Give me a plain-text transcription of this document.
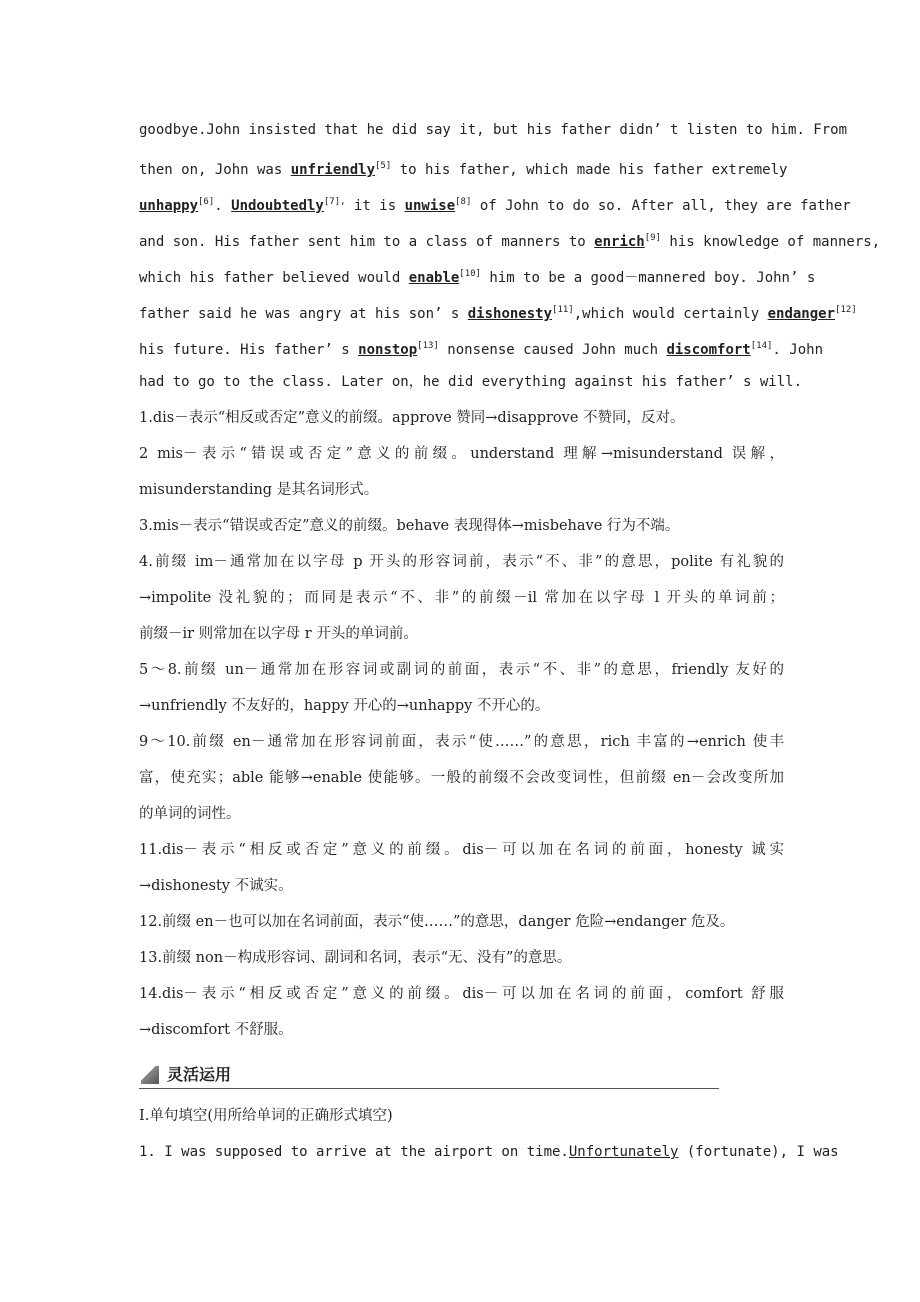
goodbye.John insisted that he did say it, but his father didn’ t listen to him. From
then on, John was unfriendly[5] to his father, which made his father extremely
unhappy[6]. Undoubtedly$^{[7],}$ it is unwise[8] of John to do so. After all, they are father
and son. His father sent him to a class of manners to enrich[9] his knowledge of manners,
which his father believed would enable[10] him to be a good－mannered boy. John’ s
father said he was angry at his son’ s dishonesty[11],which would certainly endanger[12]
his future. His father’ s nonstop[13] nonsense caused John much discomfort[14]. John
had to go to the class. Later on，he did everything against his father’ s will.
1.dis－表示“相反或否定”意义的前缀。approve 赞同→disapprove 不赞同，反对。
2 mis－表示“错误或否定”意义的前缀。understand 理解→misunderstand 误解，
misunderstanding 是其名词形式。
3.mis－表示“错误或否定”意义的前缀。behave 表现得体→misbehave 行为不端。
4.前缀 im－通常加在以字母 p 开头的形容词前，表示“不、非”的意思，polite 有礼貌的
→impolite 没礼貌的；而同是表示“不、非”的前缀－il 常加在以字母 l 开头的单词前；
前缀－ir 则常加在以字母 r 开头的单词前。
5～8.前缀 un－通常加在形容词或副词的前面，表示“不、非”的意思，friendly 友好的
→unfriendly 不友好的，happy 开心的→unhappy 不开心的。
9～10.前缀 en－通常加在形容词前面，表示“使……”的意思，rich 丰富的→enrich 使丰
富，使充实；able 能够→enable 使能够。一般的前缀不会改变词性，但前缀 en－会改变所加
的单词的词性。
11.dis－表示“相反或否定”意义的前缀。dis－可以加在名词的前面，honesty 诚实
→dishonesty 不诚实。
12.前缀 en－也可以加在名词前面，表示“使……”的意思，danger 危险→endanger 危及。
13.前缀 non－构成形容词、副词和名词，表示“无、没有”的意思。
14.dis－表示“相反或否定”意义的前缀。dis－可以加在名词的前面，comfort 舒服
→discomfort 不舒服。
灵活运用
Ⅰ.单句填空(用所给单词的正确形式填空)
1. I was supposed to arrive at the airport on time.Unfortunately (fortunate), I was
